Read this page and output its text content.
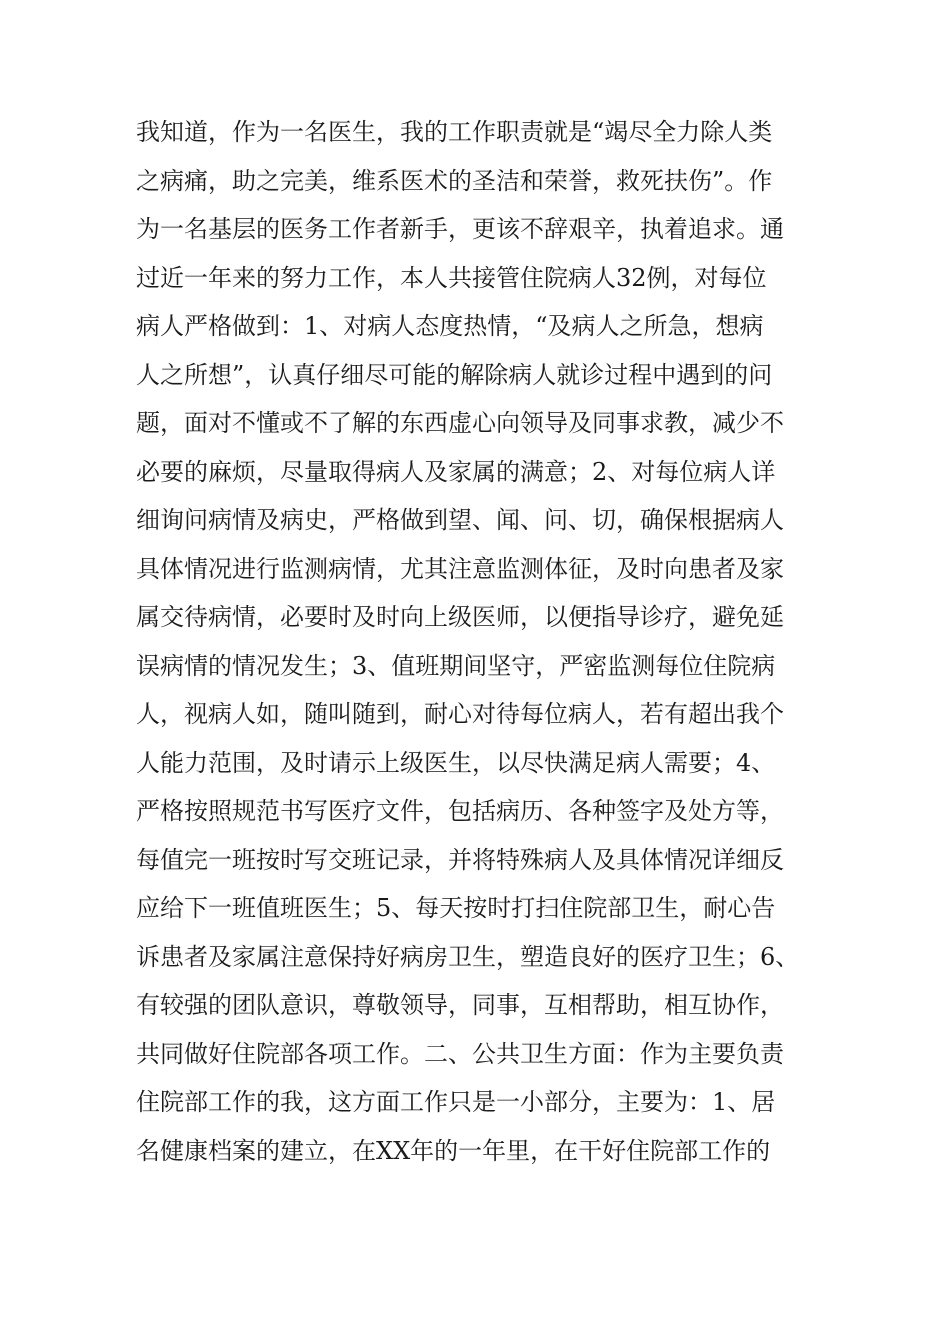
我知道，作为一名医生，我的工作职责就是“竭尽全力除人类
之病痛，助之完美，维系医术的圣洁和荣誉，救死扶伤”。作
为一名基层的医务工作者新手，更该不辞艰辛，执着追求。通
过近一年来的努力工作，本人共接管住院病人32例，对每位
病人严格做到：1、对病人态度热情，“及病人之所急，想病
人之所想”，认真仔细尽可能的解除病人就诊过程中遇到的问
题，面对不懂或不了解的东西虚心向领导及同事求教，减少不
必要的麻烦，尽量取得病人及家属的满意；2、对每位病人详
细询问病情及病史，严格做到望、闻、问、切，确保根据病人
具体情况进行监测病情，尤其注意监测体征，及时向患者及家
属交待病情，必要时及时向上级医师，以便指导诊疗，避免延
误病情的情况发生；3、值班期间坚守，严密监测每位住院病
人，视病人如，随叫随到，耐心对待每位病人，若有超出我个
人能力范围，及时请示上级医生，以尽快满足病人需要；4、
严格按照规范书写医疗文件，包括病历、各种签字及处方等，
每值完一班按时写交班记录，并将特殊病人及具体情况详细反
应给下一班值班医生；5、每天按时打扫住院部卫生，耐心告
诉患者及家属注意保持好病房卫生，塑造良好的医疗卫生；6、
有较强的团队意识，尊敬领导，同事，互相帮助，相互协作，
共同做好住院部各项工作。二、公共卫生方面：作为主要负责
住院部工作的我，这方面工作只是一小部分，主要为：1、居
名健康档案的建立，在XX年的一年里，在干好住院部工作的
